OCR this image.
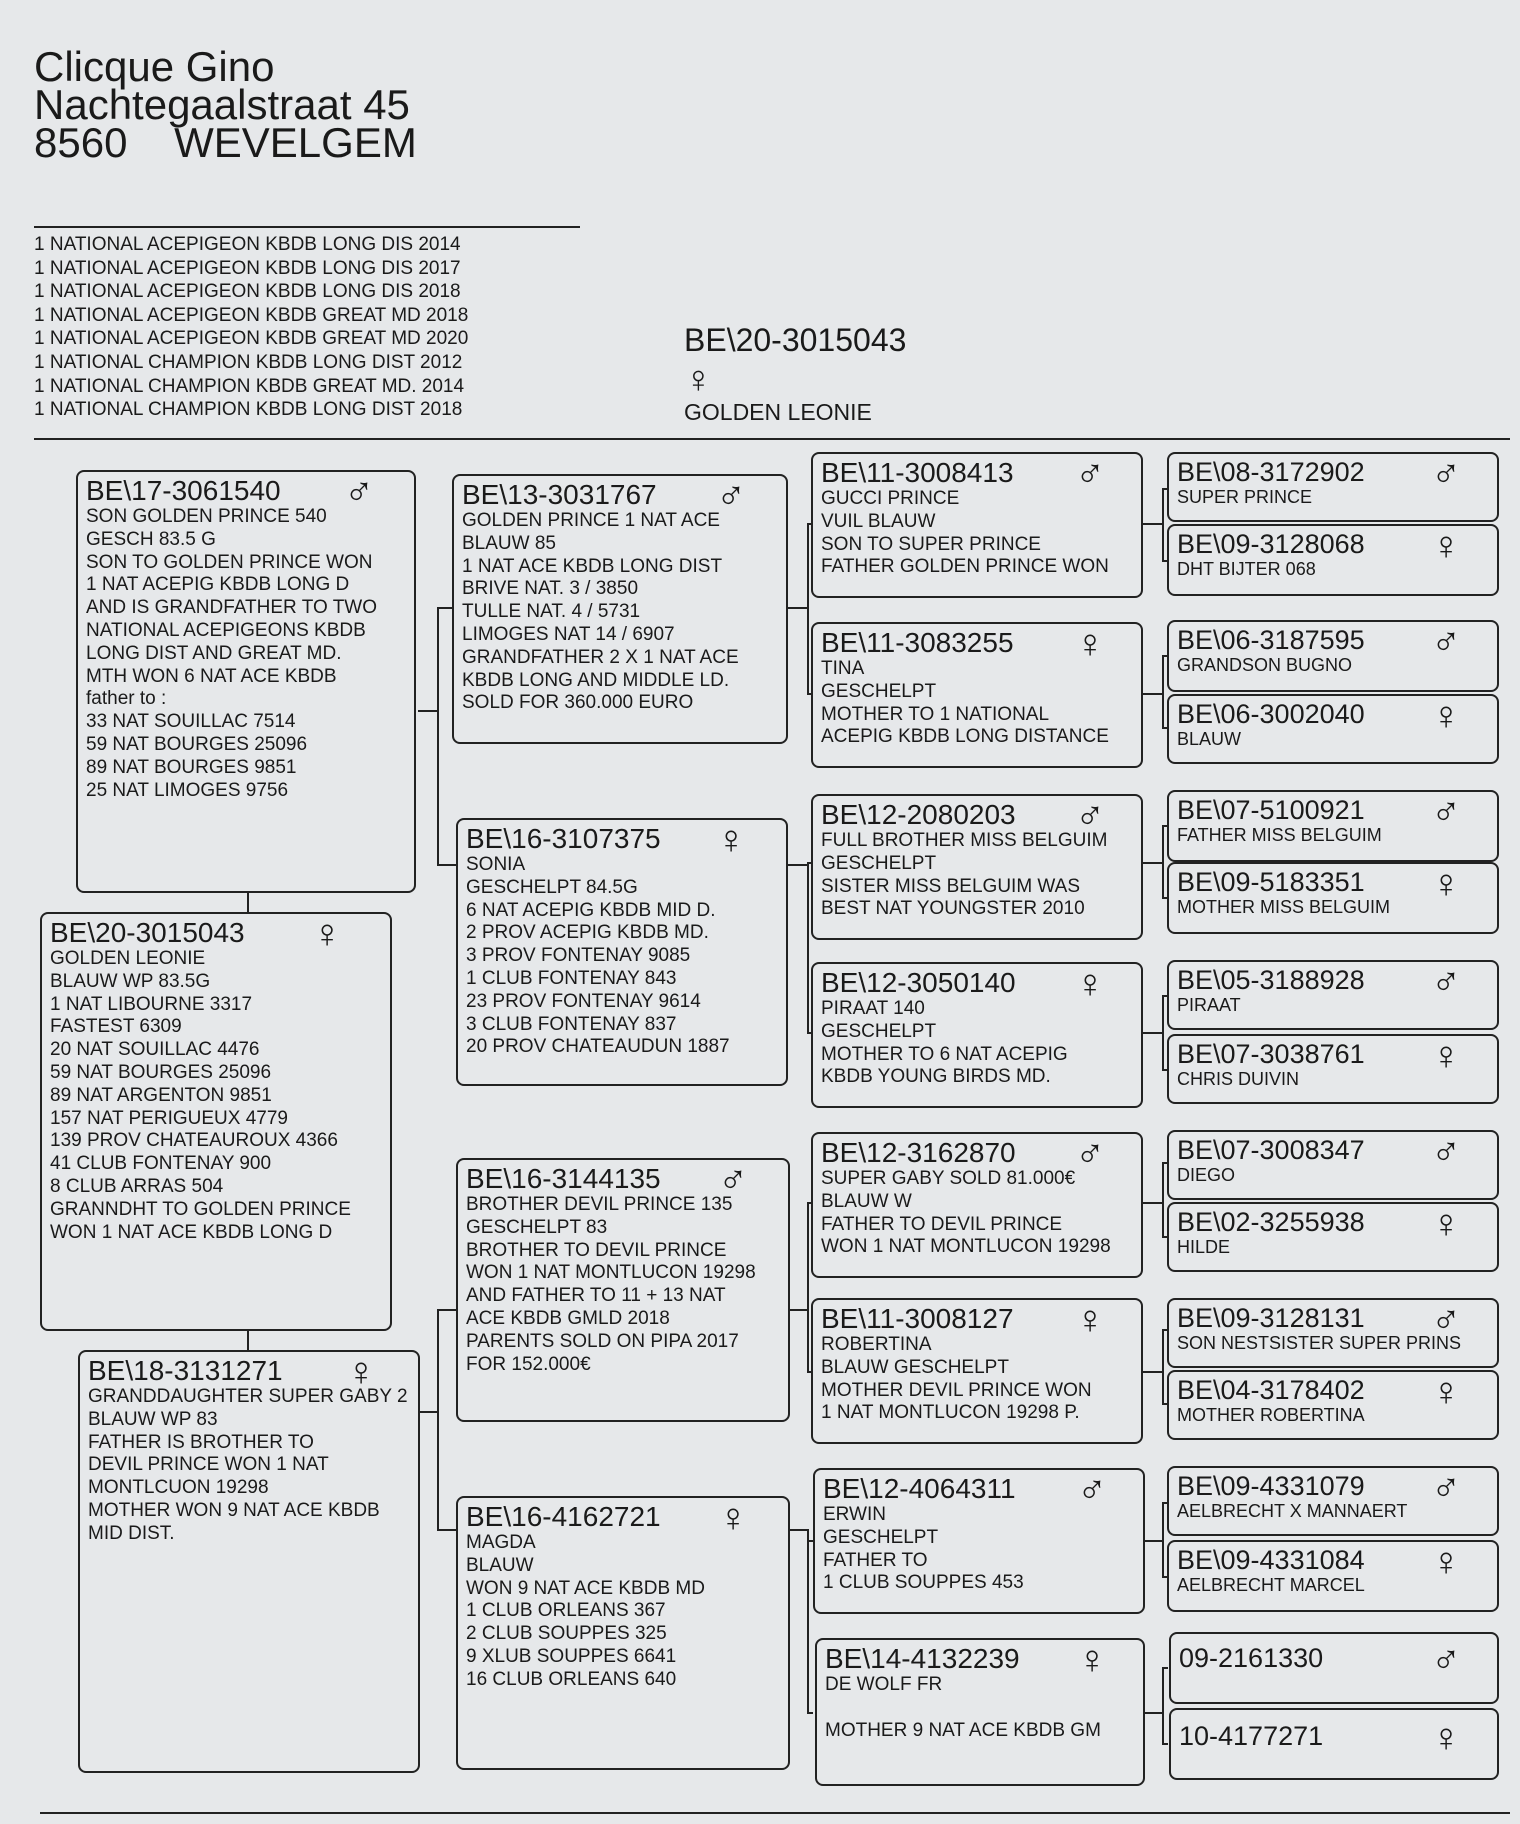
Clicque Gino
Nachtegaalstraat 45
8560    WEVELGEM
1 NATIONAL ACEPIGEON KBDB LONG DIS 2014
1 NATIONAL ACEPIGEON KBDB LONG DIS 2017
1 NATIONAL ACEPIGEON KBDB LONG DIS 2018
1 NATIONAL ACEPIGEON KBDB GREAT MD 2018
1 NATIONAL ACEPIGEON KBDB GREAT MD 2020
1 NATIONAL CHAMPION KBDB LONG DIST 2012
1 NATIONAL CHAMPION KBDB GREAT MD. 2014
1 NATIONAL CHAMPION KBDB LONG DIST 2018
BE\20-3015043
♀
GOLDEN LEONIE
BE\17-3061540	♂
SON GOLDEN PRINCE 540
GESCH 83.5 G
SON TO GOLDEN PRINCE WON
1 NAT ACEPIG KBDB LONG D
AND IS GRANDFATHER TO TWO
NATIONAL ACEPIGEONS KBDB
LONG DIST AND GREAT MD.
MTH WON 6 NAT ACE KBDB
father to :
33 NAT SOUILLAC 7514
59 NAT BOURGES 25096
89 NAT BOURGES 9851
25 NAT LIMOGES 9756
BE\20-3015043	♀
GOLDEN LEONIE
BLAUW WP 83.5G
1 NAT LIBOURNE 3317
FASTEST 6309
20 NAT SOUILLAC 4476
59 NAT BOURGES 25096
89 NAT ARGENTON 9851
157 NAT PERIGUEUX 4779
139 PROV CHATEAUROUX 4366
41 CLUB FONTENAY 900
8 CLUB ARRAS 504
GRANNDHT TO GOLDEN PRINCE
WON 1 NAT ACE KBDB LONG D
BE\18-3131271	♀
GRANDDAUGHTER SUPER GABY 2
BLAUW WP 83
FATHER IS BROTHER TO
DEVIL PRINCE WON 1 NAT
MONTLCUON 19298
MOTHER WON 9 NAT ACE KBDB
MID DIST.
BE\13-3031767	♂
GOLDEN PRINCE 1 NAT ACE
BLAUW 85
1 NAT ACE KBDB LONG DIST
BRIVE NAT. 3 / 3850
TULLE NAT. 4 / 5731
LIMOGES NAT 14 / 6907
GRANDFATHER 2 X 1 NAT ACE
KBDB LONG AND MIDDLE LD.
SOLD FOR 360.000 EURO
BE\16-3107375	♀
SONIA
GESCHELPT 84.5G
6 NAT ACEPIG KBDB MID D.
2 PROV ACEPIG KBDB MD.
3 PROV FONTENAY 9085
1 CLUB FONTENAY 843
23 PROV FONTENAY 9614
3 CLUB FONTENAY 837
20 PROV CHATEAUDUN 1887
BE\16-3144135	♂
BROTHER DEVIL PRINCE 135
GESCHELPT 83
BROTHER TO DEVIL PRINCE
WON 1 NAT MONTLUCON 19298
AND FATHER TO 11 + 13 NAT
ACE KBDB GMLD 2018
PARENTS SOLD ON PIPA 2017
FOR 152.000€
BE\16-4162721	♀
MAGDA
BLAUW
WON 9 NAT ACE KBDB MD
1 CLUB ORLEANS 367
2 CLUB SOUPPES 325
9 XLUB SOUPPES 6641
16 CLUB ORLEANS 640
BE\11-3008413	♂
GUCCI PRINCE
VUIL BLAUW
SON TO SUPER PRINCE
FATHER GOLDEN PRINCE WON
BE\11-3083255	♀
TINA
GESCHELPT
MOTHER TO 1 NATIONAL
ACEPIG KBDB LONG DISTANCE
BE\12-2080203	♂
FULL BROTHER MISS BELGUIM
GESCHELPT
SISTER MISS BELGUIM WAS
BEST NAT YOUNGSTER 2010
BE\12-3050140	♀
PIRAAT 140
GESCHELPT
MOTHER TO 6 NAT ACEPIG
KBDB YOUNG BIRDS MD.
BE\12-3162870	♂
SUPER GABY SOLD 81.000€
BLAUW W
FATHER TO DEVIL PRINCE
WON 1 NAT MONTLUCON 19298
BE\11-3008127	♀
ROBERTINA
BLAUW GESCHELPT
MOTHER DEVIL PRINCE WON
1 NAT MONTLUCON 19298 P.
BE\12-4064311	♂
ERWIN
GESCHELPT
FATHER TO
1 CLUB SOUPPES 453
BE\14-4132239	♀
DE WOLF FR

MOTHER 9 NAT ACE KBDB GM
BE\08-3172902	♂
SUPER PRINCE
BE\09-3128068	♀
DHT BIJTER 068
BE\06-3187595	♂
GRANDSON BUGNO
BE\06-3002040	♀
BLAUW
BE\07-5100921	♂
FATHER MISS BELGUIM
BE\09-5183351	♀
MOTHER MISS BELGUIM
BE\05-3188928	♂
PIRAAT
BE\07-3038761	♀
CHRIS DUIVIN
BE\07-3008347	♂
DIEGO
BE\02-3255938	♀
HILDE
BE\09-3128131	♂
SON NESTSISTER SUPER PRINS
BE\04-3178402	♀
MOTHER ROBERTINA
BE\09-4331079	♂
AELBRECHT X MANNAERT
BE\09-4331084	♀
AELBRECHT MARCEL
09-2161330	♂
10-4177271	♀
